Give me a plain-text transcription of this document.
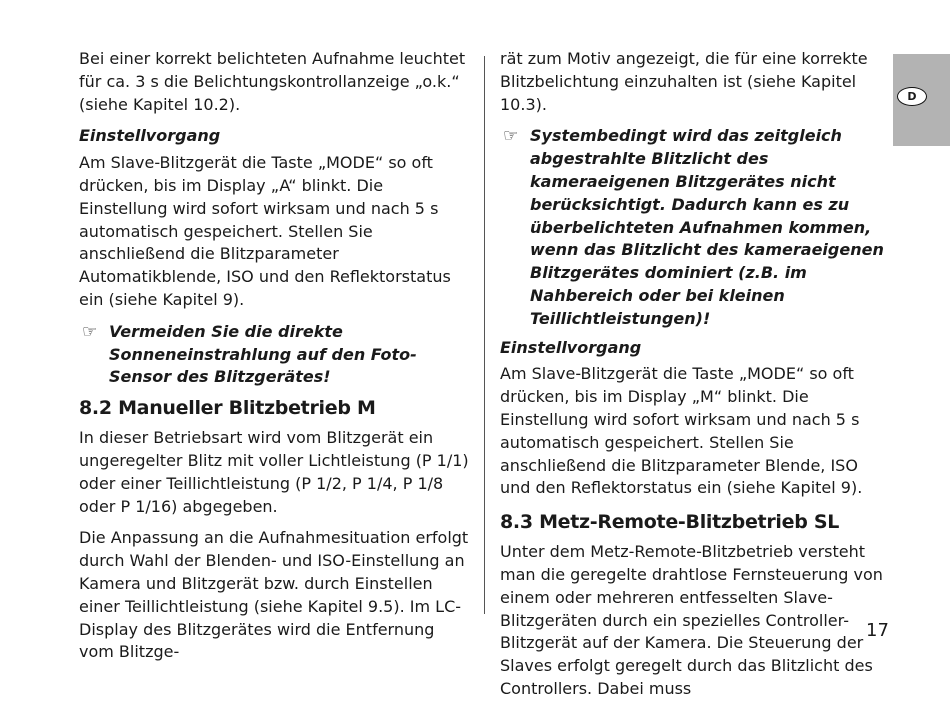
D

Bei einer korrekt belichteten Aufnahme leuchtet für ca. 3 s die Belichtungskontrollanzeige „o.k.“ (siehe Kapitel 10.2).

Einstellvorgang

Am Slave-Blitzgerät die Taste „MODE“ so oft drücken, bis im Display „A“ blinkt. Die Einstellung wird sofort wirksam und nach 5 s automatisch gespeichert. Stellen Sie anschließend die Blitzparameter Automatikblende, ISO und den Reflektorstatus ein (siehe Kapitel 9).

☞ Vermeiden Sie die direkte Sonneneinstrahlung auf den Foto-Sensor des Blitzgerätes!
8.2 Manueller Blitzbetrieb M

In dieser Betriebsart wird vom Blitzgerät ein ungeregelter Blitz mit voller Lichtleistung (P 1/1) oder einer Teillichtleistung (P 1/2, P 1/4, P 1/8 oder P 1/16) abgegeben.

Die Anpassung an die Aufnahmesituation erfolgt durch Wahl der Blenden- und ISO-Einstellung an Kamera und Blitzgerät bzw. durch Einstellen einer Teillichtleistung (siehe Kapitel 9.5). Im LC-Display des Blitzgerätes wird die Entfernung vom Blitzge-

rät zum Motiv angezeigt, die für eine korrekte Blitzbelichtung einzuhalten ist (siehe Kapitel 10.3).

☞ Systembedingt wird das zeitgleich abgestrahlte Blitzlicht des kameraeigenen Blitzgerätes nicht berücksichtigt. Dadurch kann es zu überbelichteten Aufnahmen kommen, wenn das Blitzlicht des kameraeigenen Blitzgerätes dominiert (z.B. im Nahbereich oder bei kleinen Teillichtleistungen)!

Einstellvorgang

Am Slave-Blitzgerät die Taste „MODE“ so oft drücken, bis im Display „M“ blinkt. Die Einstellung wird sofort wirksam und nach 5 s automatisch gespeichert. Stellen Sie anschließend die Blitzparameter Blende, ISO und den Reflektorstatus ein (siehe Kapitel 9).

8.3 Metz-Remote-Blitzbetrieb SL

Unter dem Metz-Remote-Blitzbetrieb versteht man die geregelte drahtlose Fernsteuerung von einem oder mehreren entfesselten Slave-Blitzgeräten durch ein spezielles Controller-Blitzgerät auf der Kamera. Die Steuerung der Slaves erfolgt geregelt durch das Blitzlicht des Controllers. Dabei muss

17
